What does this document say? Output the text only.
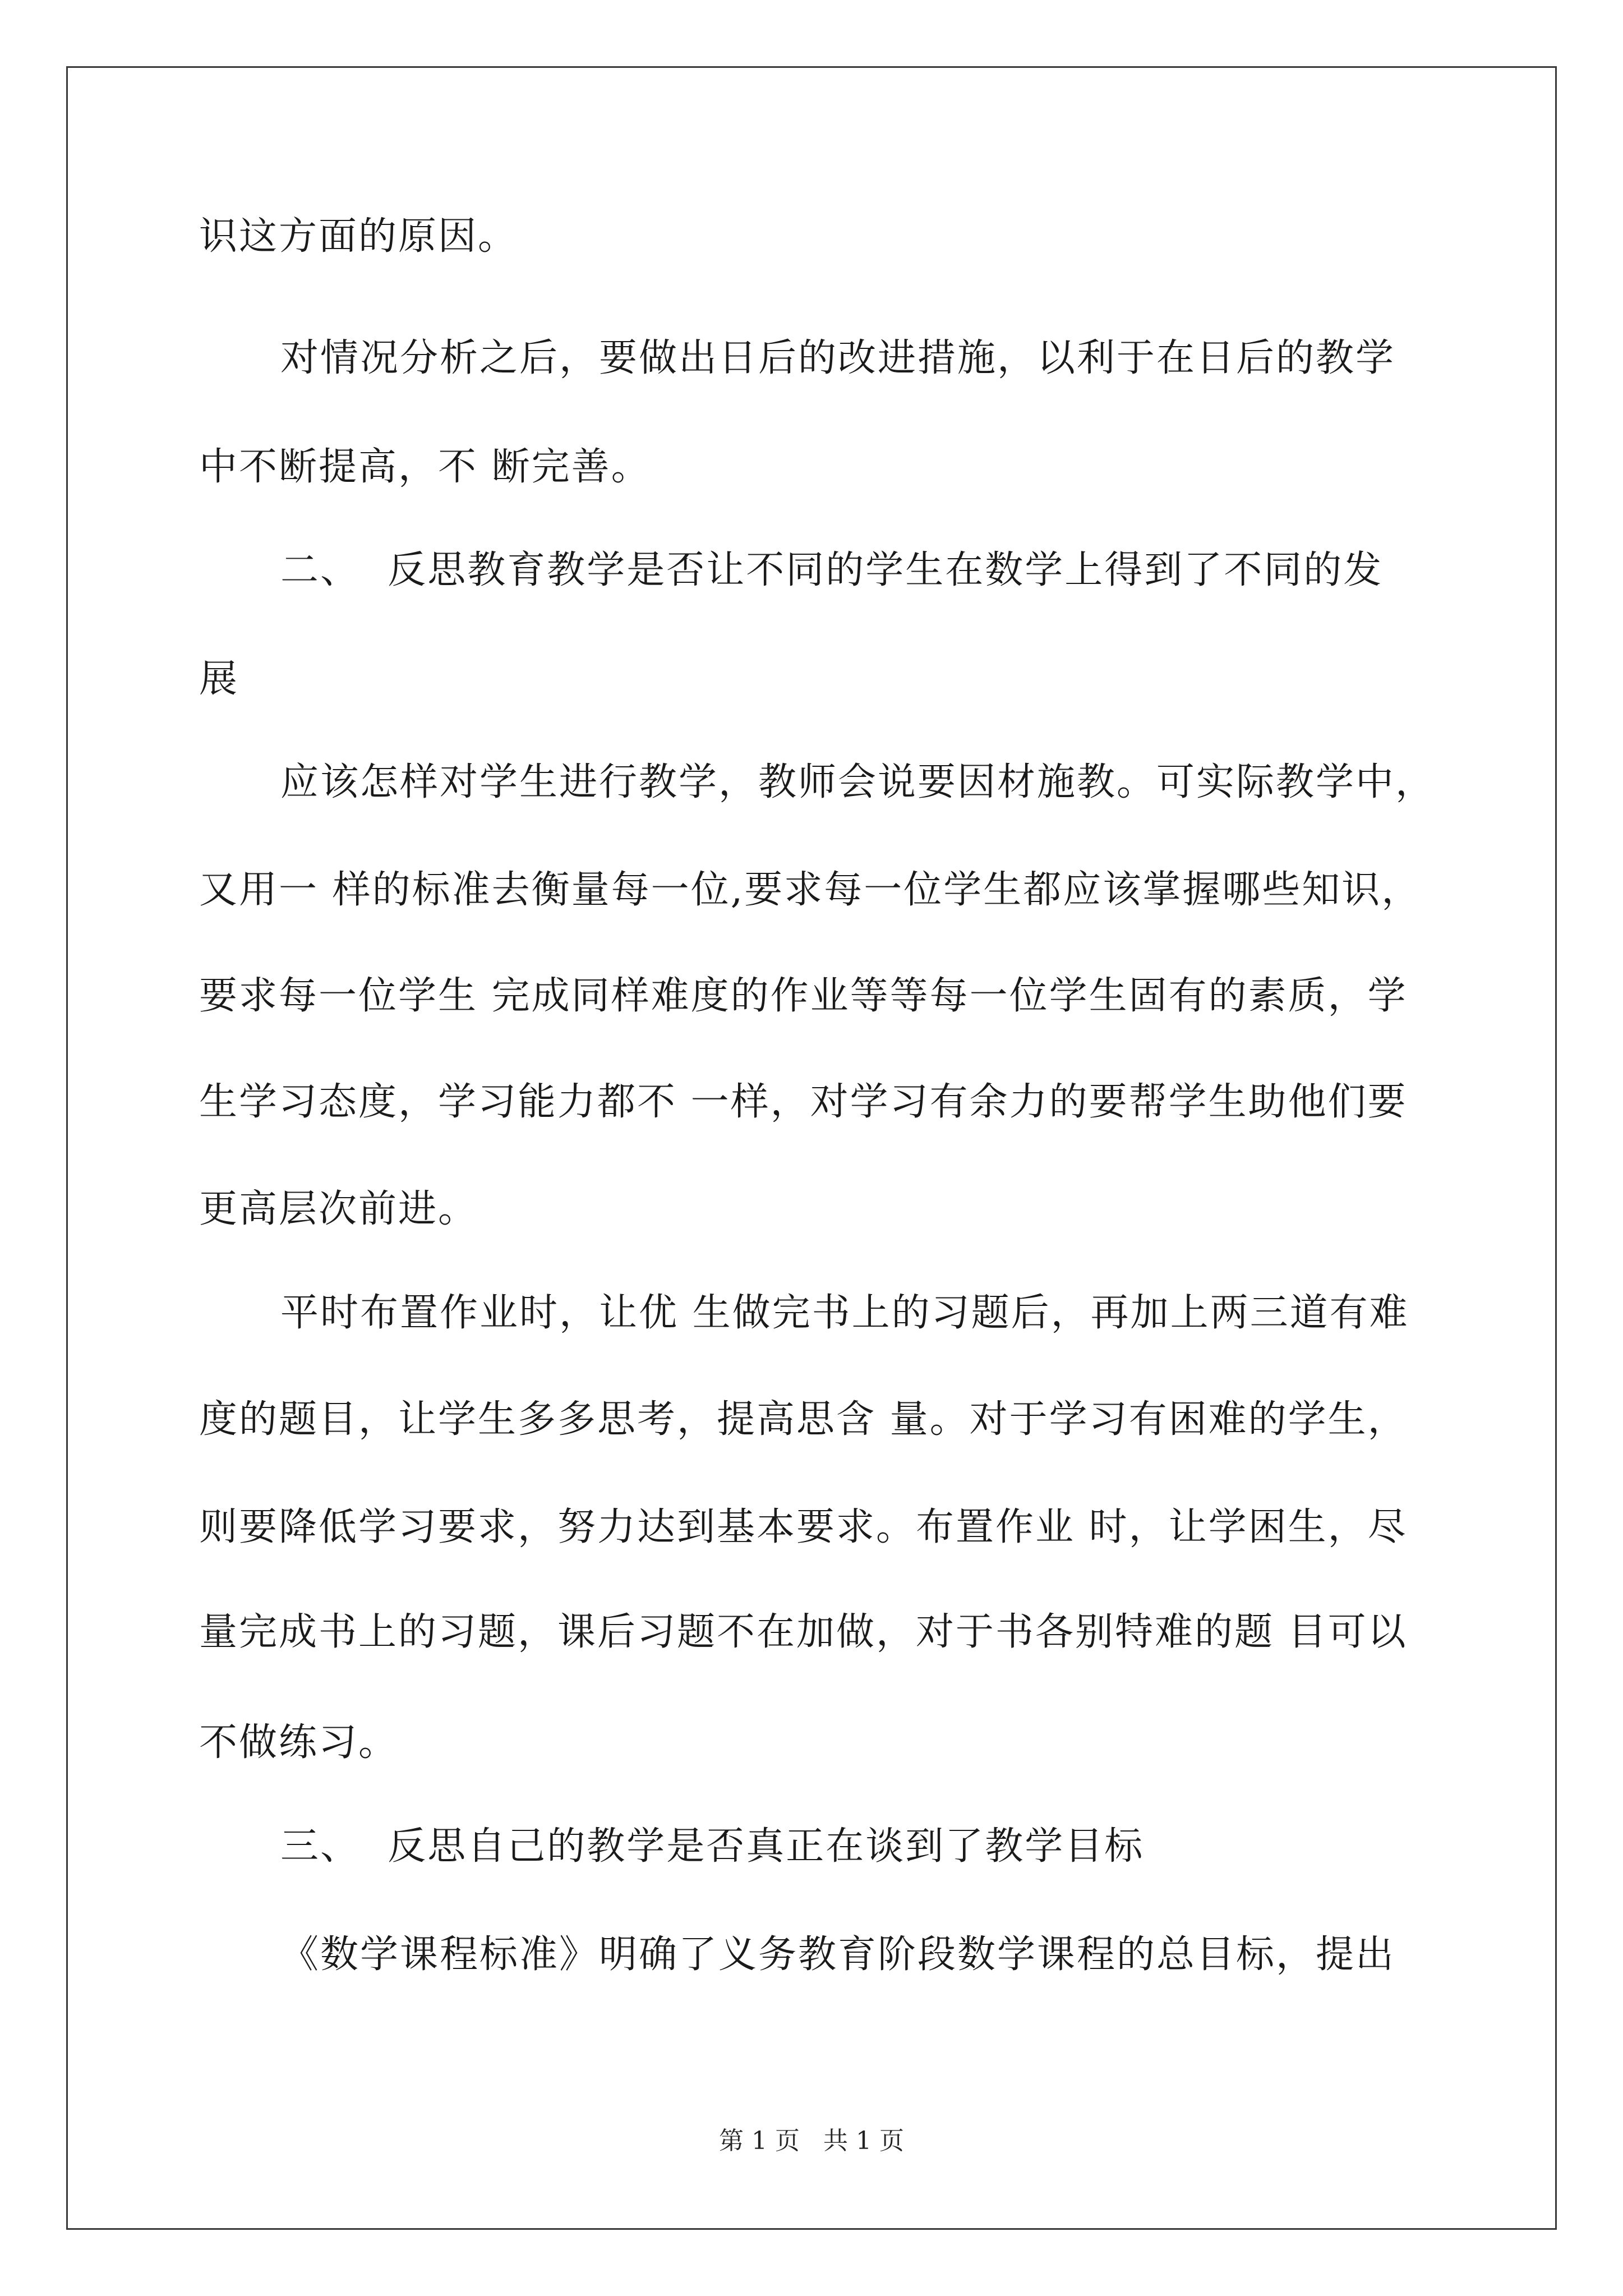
识这方面的原因。
对情况分析之后，要做出日后的改进措施，以利于在日后的教学
中不断提高，不 断完善。
二、  反思教育教学是否让不同的学生在数学上得到了不同的发
展
应该怎样对学生进行教学，教师会说要因材施教。可实际教学中，
又用一 样的标准去衡量每一位,要求每一位学生都应该掌握哪些知识，
要求每一位学生 完成同样难度的作业等等每一位学生固有的素质，学
生学习态度，学习能力都不 一样，对学习有余力的要帮学生助他们要
更高层次前进。
平时布置作业时，让优 生做完书上的习题后，再加上两三道有难
度的题目，让学生多多思考，提高思含 量。对于学习有困难的学生，
则要降低学习要求，努力达到基本要求。布置作业 时，让学困生，尽
量完成书上的习题，课后习题不在加做，对于书各别特难的题 目可以
不做练习。
三、  反思自己的教学是否真正在谈到了教学目标
《数学课程标准》明确了义务教育阶段数学课程的总目标，提出
第 1 页   共 1 页
